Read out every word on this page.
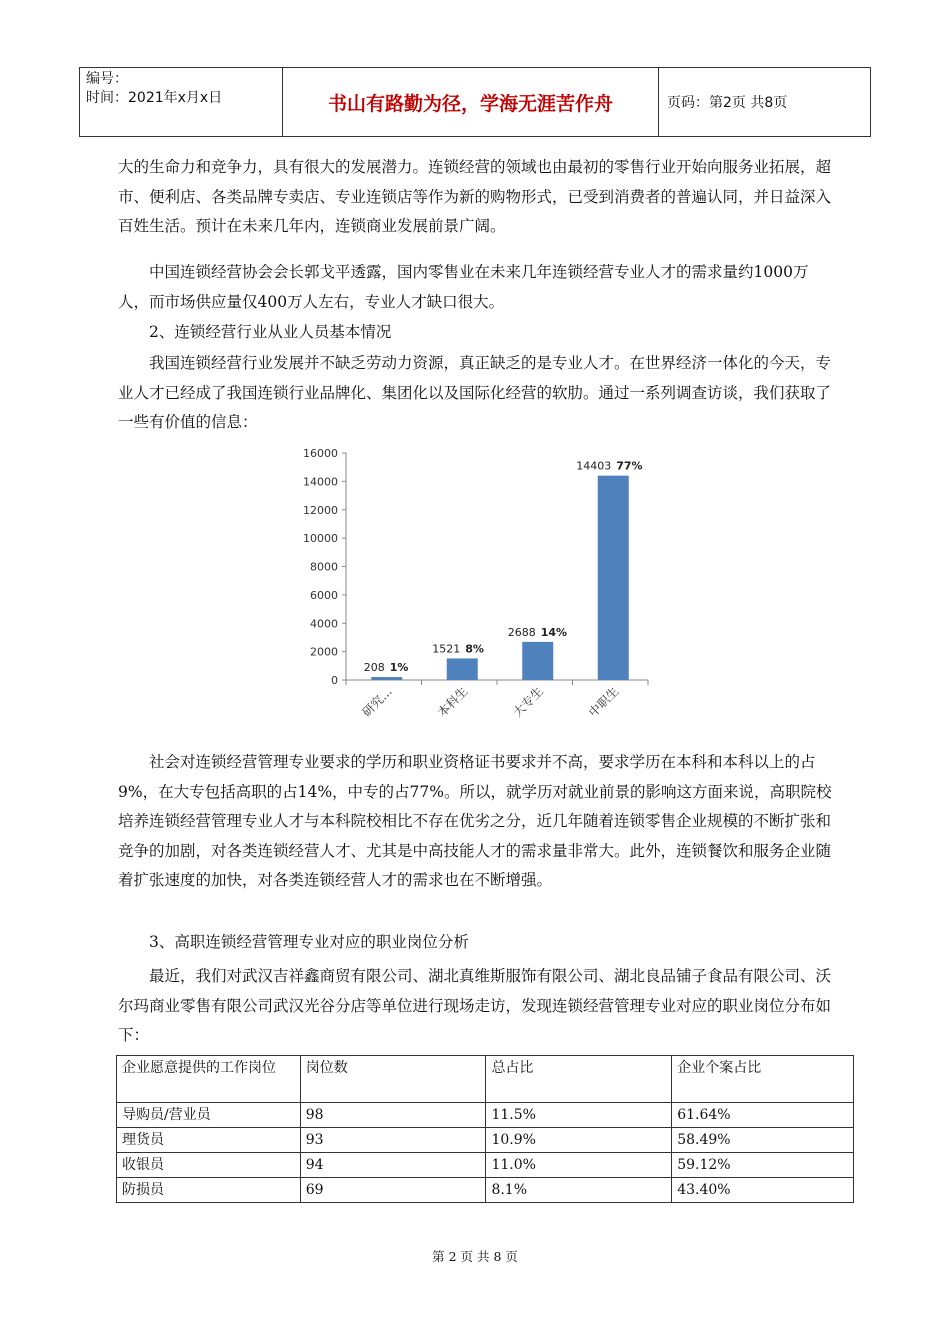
编号：
时间：2021年x月x日	书山有路勤为径，学海无涯苦作舟	页码：第2页 共8页

大的生命力和竞争力，具有很大的发展潜力。连锁经营的领域也由最初的零售行业开始向服务业拓展，超市、便利店、各类品牌专卖店、专业连锁店等作为新的购物形式，已受到消费者的普遍认同，并日益深入百姓生活。预计在未来几年内，连锁商业发展前景广阔。

中国连锁经营协会会长郭戈平透露，国内零售业在未来几年连锁经营专业人才的需求量约1000万人，而市场供应量仅400万人左右，专业人才缺口很大。

2、连锁经营行业从业人员基本情况

我国连锁经营行业发展并不缺乏劳动力资源，真正缺乏的是专业人才。在世界经济一体化的今天，专业人才已经成了我国连锁行业品牌化、集团化以及国际化经营的软肋。通过一系列调查访谈，我们获取了一些有价值的信息：

0
2000
4000
6000
8000
10000
12000
14000
16000
208 1%
研究…
1521 8%
本科生
2688 14%
大专生
14403 77%
中职生

社会对连锁经营管理专业要求的学历和职业资格证书要求并不高，要求学历在本科和本科以上的占9%，在大专包括高职的占14%，中专的占77%。所以，就学历对就业前景的影响这方面来说，高职院校培养连锁经营管理专业人才与本科院校相比不存在优劣之分，近几年随着连锁零售企业规模的不断扩张和竞争的加剧，对各类连锁经营人才、尤其是中高技能人才的需求量非常大。此外，连锁餐饮和服务企业随着扩张速度的加快，对各类连锁经营人才的需求也在不断增强。

3、高职连锁经营管理专业对应的职业岗位分析

最近，我们对武汉吉祥鑫商贸有限公司、湖北真维斯服饰有限公司、湖北良品铺子食品有限公司、沃尔玛商业零售有限公司武汉光谷分店等单位进行现场走访，发现连锁经营管理专业对应的职业岗位分布如下：

企业愿意提供的工作岗位	岗位数	总占比	企业个案占比
导购员/营业员	98	11.5%	61.64%
理货员	93	10.9%	58.49%
收银员	94	11.0%	59.12%
防损员	69	8.1%	43.40%
第 2 页 共 8 页
